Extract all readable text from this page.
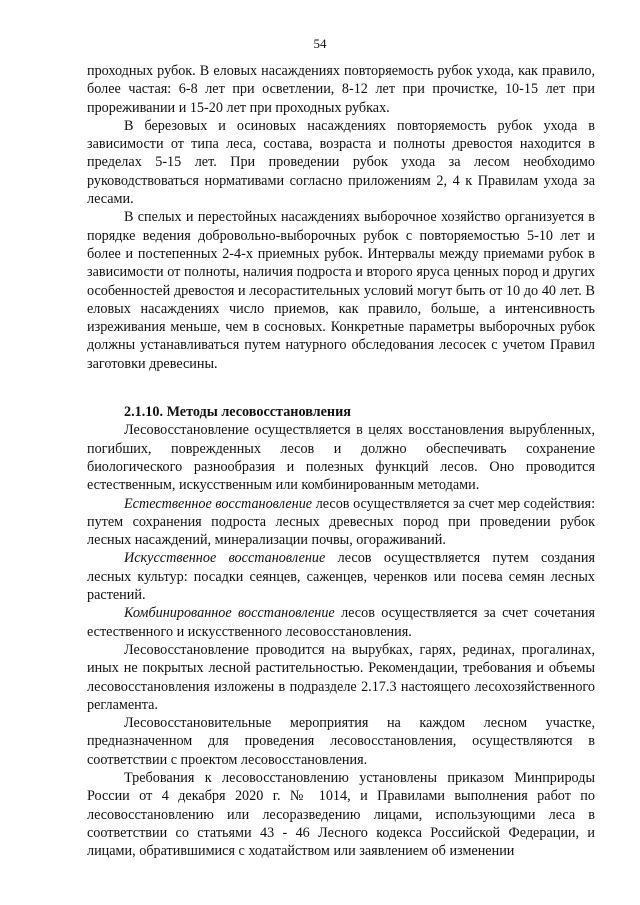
54

проходных рубок. В еловых насаждениях повторяемость рубок ухода, как правило, более частая: 6-8 лет при осветлении, 8-12 лет при прочистке, 10-15 лет при прореживании и 15-20 лет при проходных рубках.

В березовых и осиновых насаждениях повторяемость рубок ухода в зависимости от типа леса, состава, возраста и полноты древостоя находится в пределах 5-15 лет. При проведении рубок ухода за лесом необходимо руководствоваться нормативами согласно приложениям 2, 4 к Правилам ухода за лесами.

В спелых и перестойных насаждениях выборочное хозяйство организуется в порядке ведения добровольно-выборочных рубок с повторяемостью 5-10 лет и более и постепенных 2-4-х приемных рубок. Интервалы между приемами рубок в зависимости от полноты, наличия подроста и второго яруса ценных пород и других особенностей древостоя и лесорастительных условий могут быть от 10 до 40 лет. В еловых насаждениях число приемов, как правило, больше, а интенсивность изреживания меньше, чем в сосновых. Конкретные параметры выборочных рубок должны устанавливаться путем натурного обследования лесосек с учетом Правил заготовки древесины.

2.1.10. Методы лесовосстановления

Лесовосстановление осуществляется в целях восстановления вырубленных, погибших, поврежденных лесов и должно обеспечивать сохранение биологического разнообразия и полезных функций лесов. Оно проводится естественным, искусственным или комбинированным методами.

Естественное восстановление лесов осуществляется за счет мер содействия: путем сохранения подроста лесных древесных пород при проведении рубок лесных насаждений, минерализации почвы, огораживаний.

Искусственное восстановление лесов осуществляется путем создания лесных культур: посадки сеянцев, саженцев, черенков или посева семян лесных растений.

Комбинированное восстановление лесов осуществляется за счет сочетания естественного и искусственного лесовосстановления.

Лесовосстановление проводится на вырубках, гарях, рединах, прогалинах, иных не покрытых лесной растительностью. Рекомендации, требования и объемы лесовосстановления изложены в подразделе 2.17.3 настоящего лесохозяйственного регламента.

Лесовосстановительные мероприятия на каждом лесном участке, предназначенном для проведения лесовосстановления, осуществляются в соответствии с проектом лесовосстановления.

Требования к лесовосстановлению установлены приказом Минприроды России от 4 декабря 2020 г. № 1014, и Правилами выполнения работ по лесовосстановлению или лесоразведению лицами, использующими леса в соответствии со статьями 43 - 46 Лесного кодекса Российской Федерации, и лицами, обратившимися с ходатайством или заявлением об изменении
